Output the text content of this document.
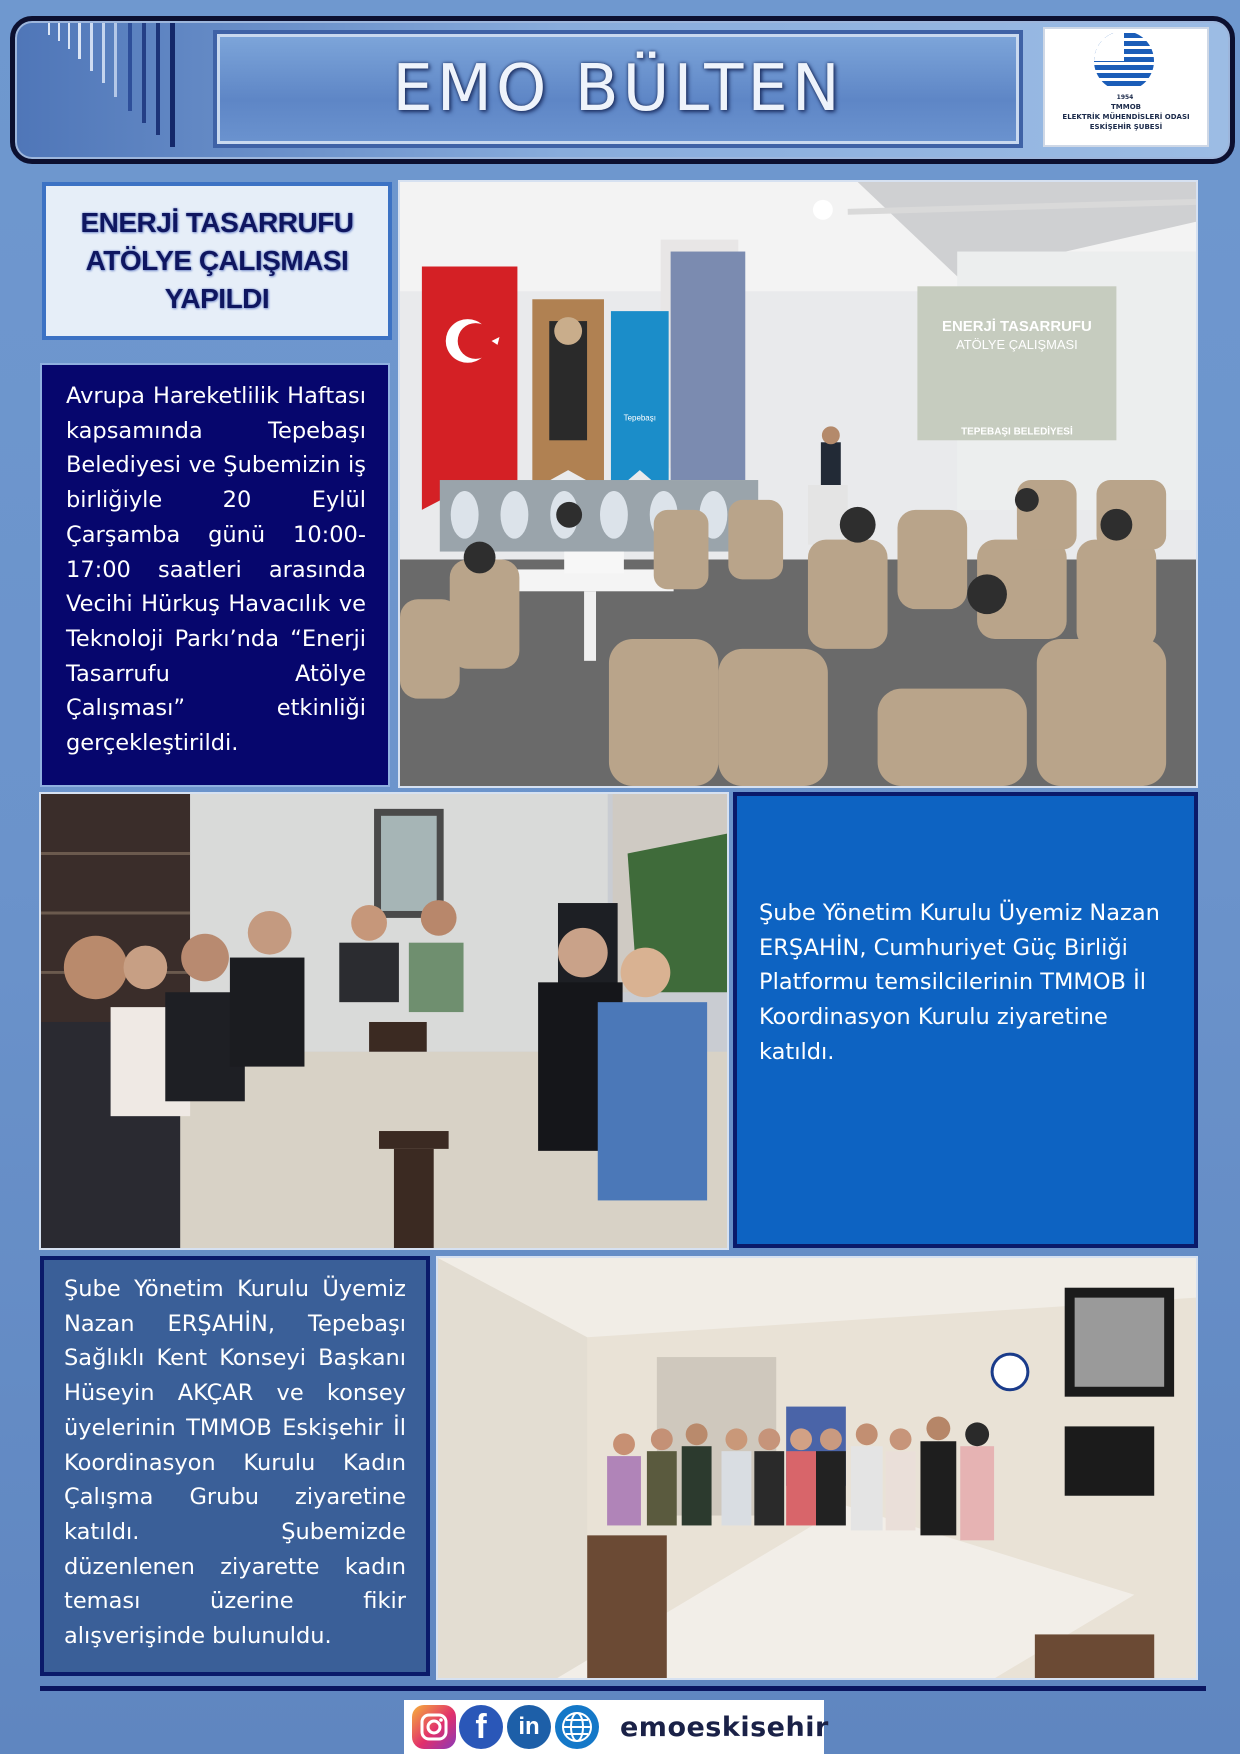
EMO BÜLTEN	1954
TMMOB
ELEKTRİK MÜHENDİSLERİ ODASI
ESKİŞEHİR ŞUBESİ
ENERJİ TASARRUFU
ATÖLYE ÇALIŞMASI
YAPILDI
Avrupa Hareketlilik Haftası kapsamında Tepebaşı Belediyesi ve Şubemizin iş birliğiyle 20 Eylül Çarşamba günü 10:00-17:00 saatleri arasında Vecihi Hürkuş Havacılık ve Teknoloji Parkı’nda “Enerji Tasarrufu Atölye Çalışması” etkinliği gerçekleştirildi.
ENERJİ TASARRUFU
ATÖLYE ÇALIŞMASI
TEPEBAŞI BELEDİYESİ
Tepebaşı
Şube Yönetim Kurulu Üyemiz Nazan ERŞAHİN, Cumhuriyet Güç Birliği Platformu temsilcilerinin TMMOB İl Koordinasyon Kurulu ziyaretine katıldı.
Şube Yönetim Kurulu Üyemiz Nazan ERŞAHİN, Tepebaşı Sağlıklı Kent Konseyi Başkanı Hüseyin AKÇAR ve konsey üyelerinin TMMOB Eskişehir İl Koordinasyon Kurulu Kadın Çalışma Grubu ziyaretine katıldı. Şubemizde düzenlenen ziyarette kadın teması üzerine fikir alışverişinde bulunuldu.
f	in	emoeskisehir
